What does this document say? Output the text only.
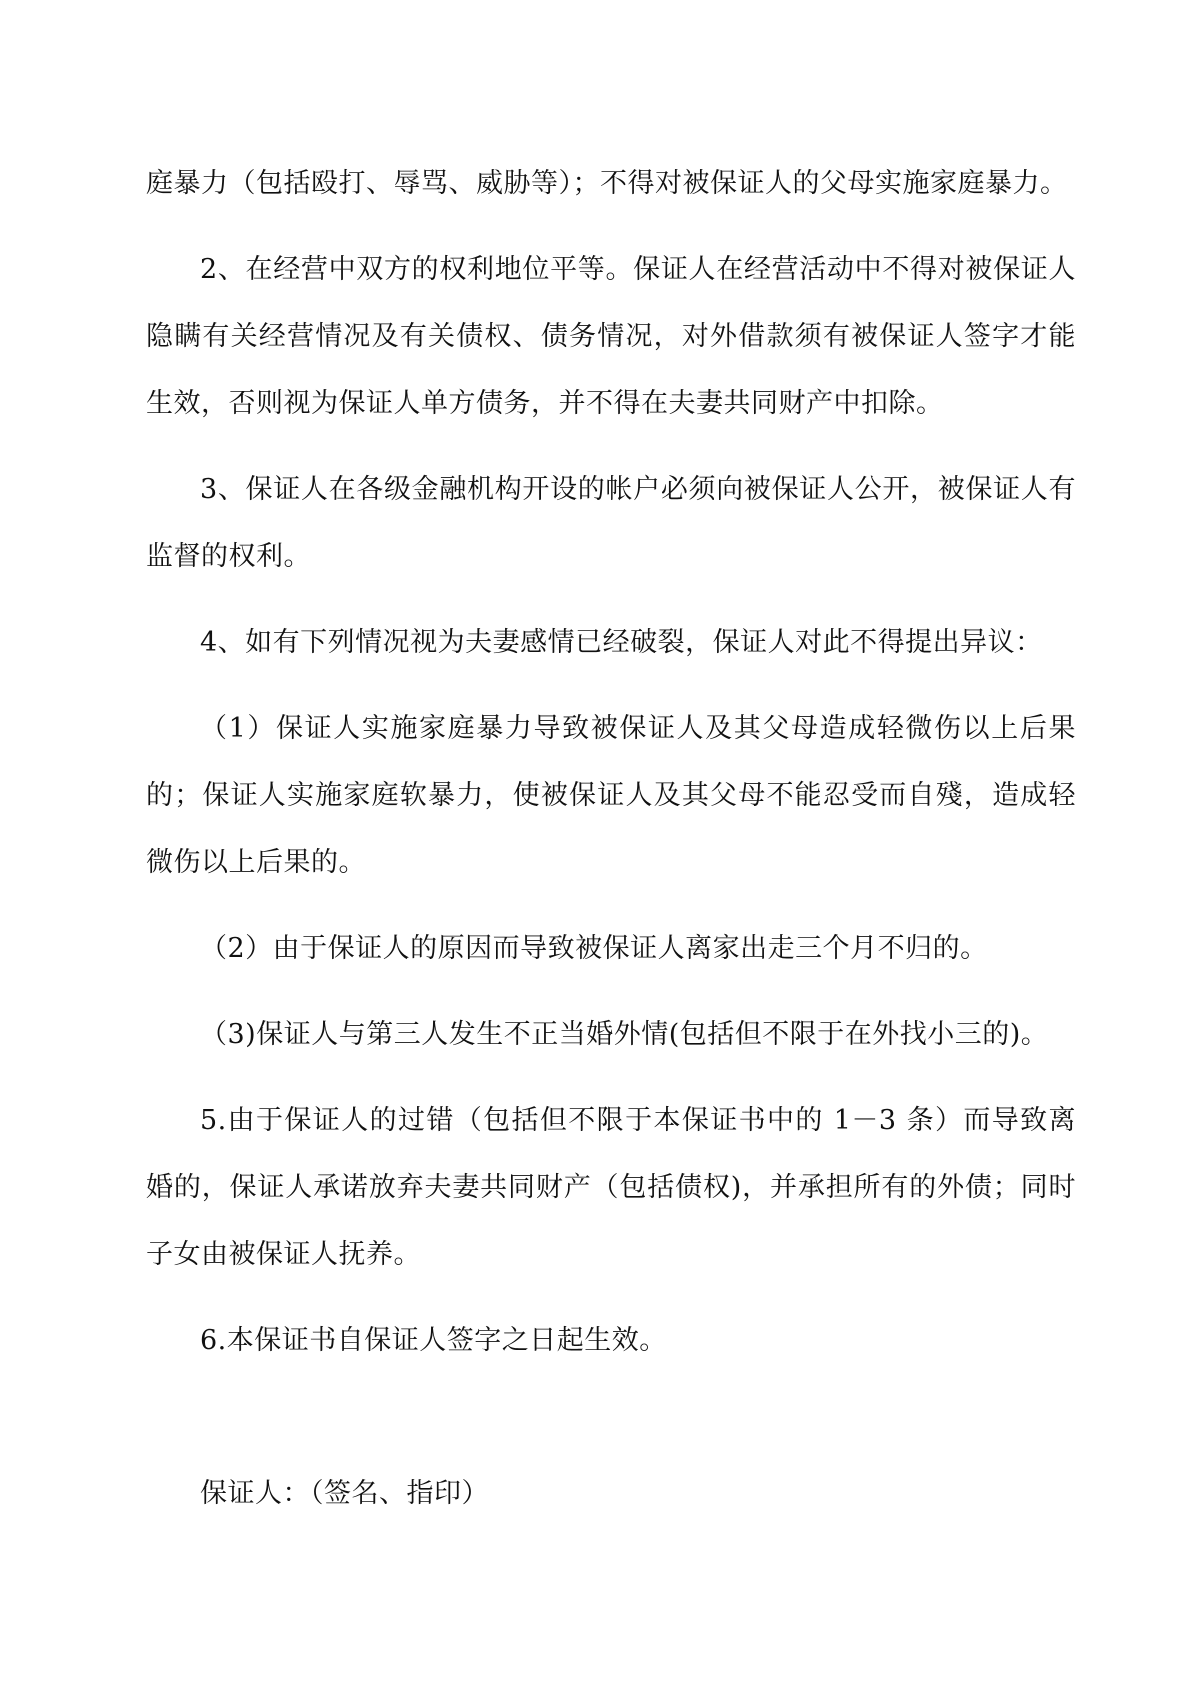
庭暴力（包括殴打、辱骂、威胁等）；不得对被保证人的父母实施家庭暴力。

2、在经营中双方的权利地位平等。保证人在经营活动中不得对被保证人隐瞒有关经营情况及有关债权、债务情况，对外借款须有被保证人签字才能生效，否则视为保证人单方债务，并不得在夫妻共同财产中扣除。

3、保证人在各级金融机构开设的帐户必须向被保证人公开，被保证人有监督的权利。

4、如有下列情况视为夫妻感情已经破裂，保证人对此不得提出异议：

（1）保证人实施家庭暴力导致被保证人及其父母造成轻微伤以上后果的；保证人实施家庭软暴力，使被保证人及其父母不能忍受而自殘，造成轻微伤以上后果的。

（2）由于保证人的原因而导致被保证人离家出走三个月不归的。

（3)保证人与第三人发生不正当婚外情(包括但不限于在外找小三的)。

5.由于保证人的过错（包括但不限于本保证书中的 1－3 条）而导致离婚的，保证人承诺放弃夫妻共同财产（包括债权)，并承担所有的外债；同时子女由被保证人抚养。

6.本保证书自保证人签字之日起生效。

保证人：（签名、指印）
